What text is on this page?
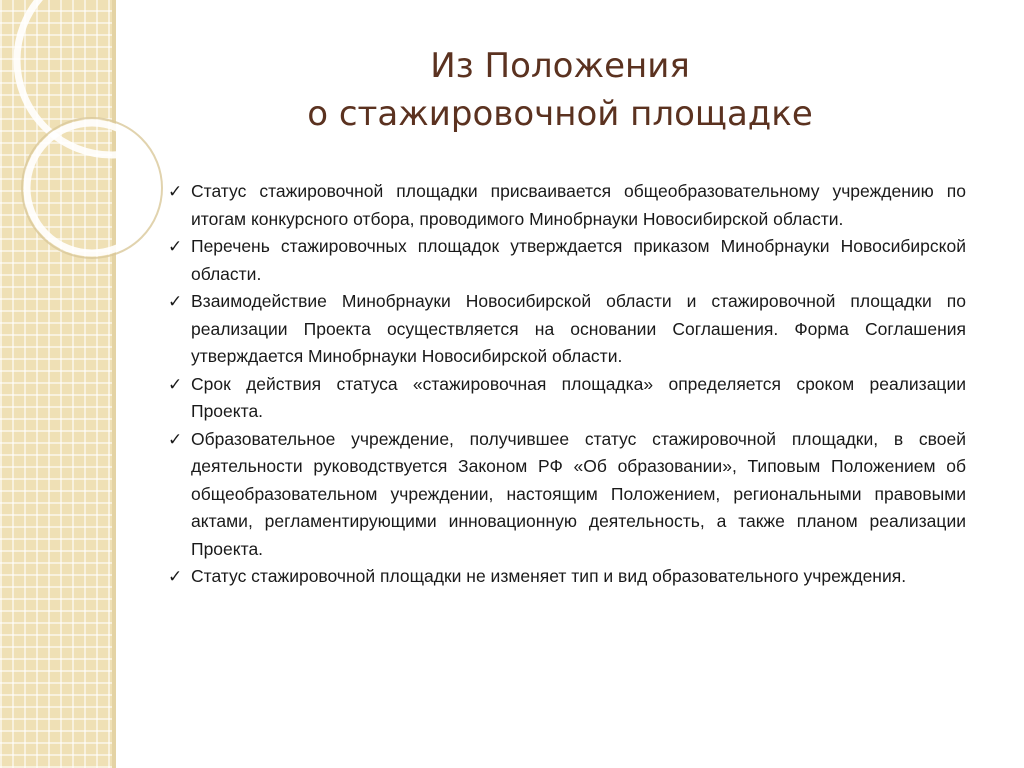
Из Положения
о стажировочной площадке
✓ Статус стажировочной площадки присваивается общеобразовательному учреждению по итогам конкурсного отбора, проводимого Минобрнауки Новосибирской области.
✓ Перечень стажировочных площадок утверждается приказом Минобрнауки Новосибирской области.
✓ Взаимодействие Минобрнауки Новосибирской области и стажировочной площадки по реализации Проекта осуществляется на основании Соглашения. Форма Соглашения утверждается Минобрнауки Новосибирской области.
✓ Срок действия статуса «стажировочная площадка» определяется сроком реализации Проекта.
✓ Образовательное учреждение, получившее статус стажировочной площадки, в своей деятельности руководствуется Законом РФ «Об образовании», Типовым Положением об общеобразовательном учреждении, настоящим Положением, региональными правовыми актами, регламентирующими инновационную деятельность, а также планом реализации Проекта.
✓ Статус стажировочной площадки не изменяет тип и вид образовательного учреждения.
